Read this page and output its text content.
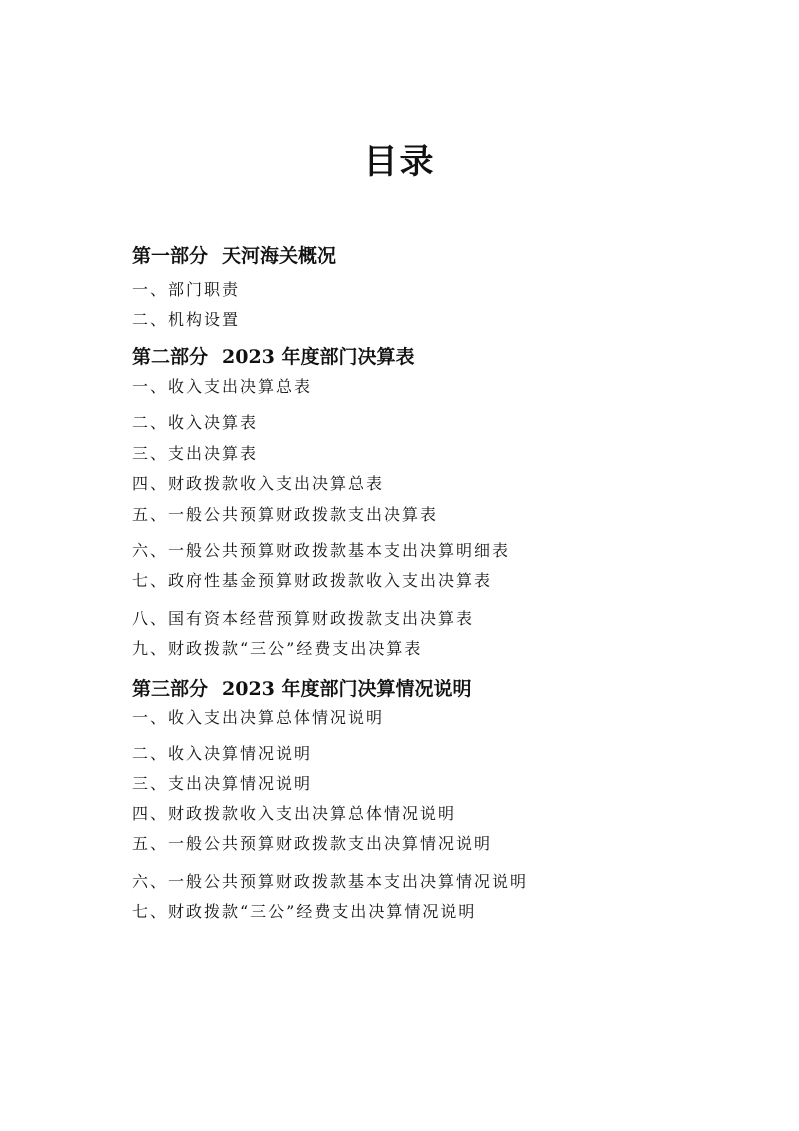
目录
第一部分 天河海关概况
一、部门职责
二、机构设置
第二部分 2023 年度部门决算表
一、收入支出决算总表
二、收入决算表
三、支出决算表
四、财政拨款收入支出决算总表
五、一般公共预算财政拨款支出决算表
六、一般公共预算财政拨款基本支出决算明细表
七、政府性基金预算财政拨款收入支出决算表
八、国有资本经营预算财政拨款支出决算表
九、财政拨款“三公”经费支出决算表
第三部分 2023 年度部门决算情况说明
一、收入支出决算总体情况说明
二、收入决算情况说明
三、支出决算情况说明
四、财政拨款收入支出决算总体情况说明
五、一般公共预算财政拨款支出决算情况说明
六、一般公共预算财政拨款基本支出决算情况说明
七、财政拨款“三公”经费支出决算情况说明
